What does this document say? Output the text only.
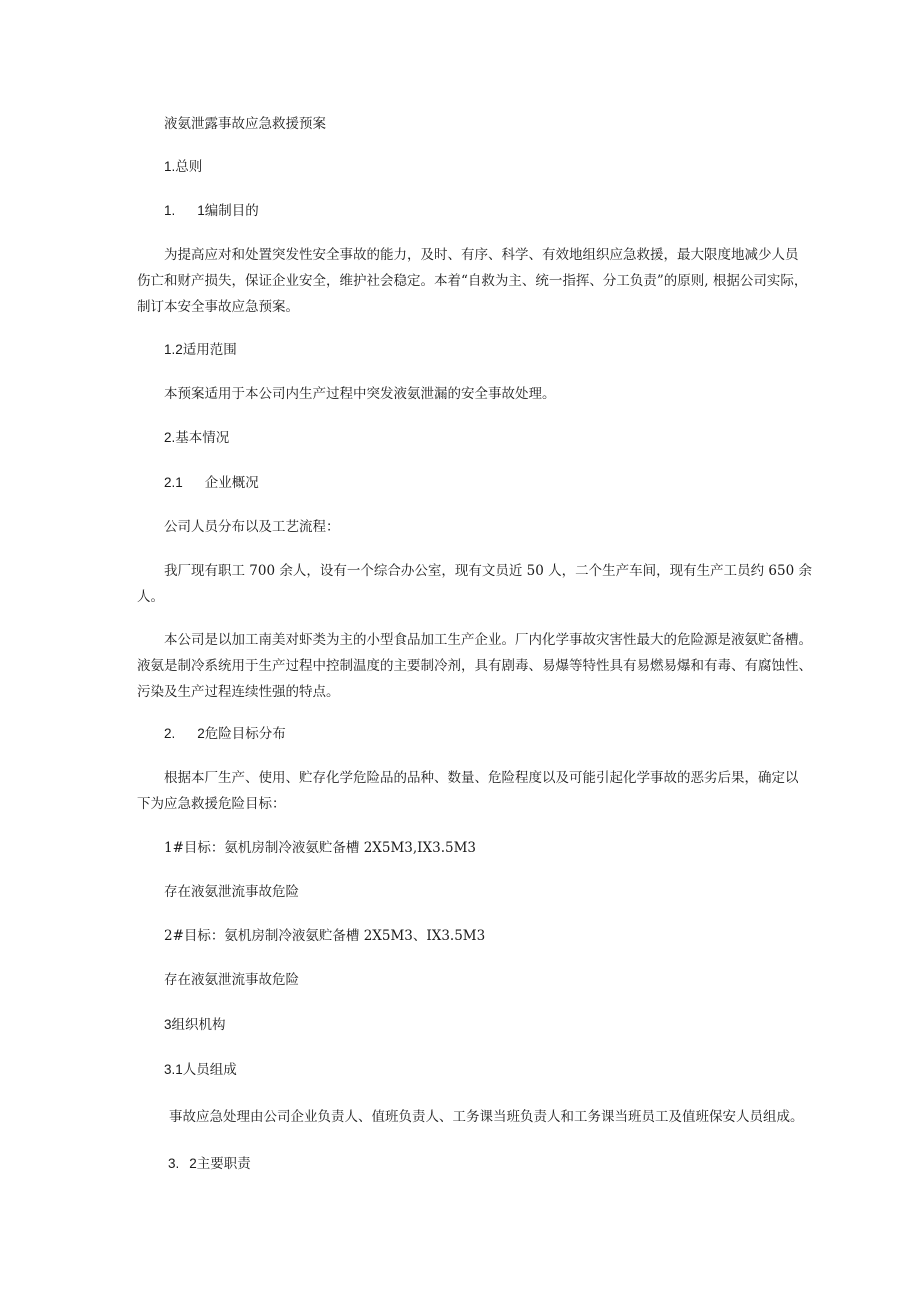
液氨泄露事故应急救援预案
1.总则
1. 1编制目的
为提高应对和处置突发性安全事故的能力，及时、有序、科学、有效地组织应急救援，最大限度地减少人员
伤亡和财产损失，保证企业安全，维护社会稳定。本着“自救为主、统一指挥、分工负责”的原则, 根据公司实际，
制订本安全事故应急预案。
1.2适用范围
本预案适用于本公司内生产过程中突发液氨泄漏的安全事故处理。
2.基本情况
2.1 企业概况
公司人员分布以及工艺流程：
我厂现有职工 700 余人，设有一个综合办公室，现有文员近 50 人，二个生产车间，现有生产工员约 650 余
人。
本公司是以加工南美对虾类为主的小型食品加工生产企业。厂内化学事故灾害性最大的危险源是液氨贮备槽。
液氨是制冷系统用于生产过程中控制温度的主要制冷剂，具有剧毒、易爆等特性具有易燃易爆和有毒、有腐蚀性、
污染及生产过程连续性强的特点。
2. 2危险目标分布
根据本厂生产、使用、贮存化学危险品的品种、数量、危险程度以及可能引起化学事故的恶劣后果，确定以
下为应急救援危险目标：
1#目标：氨机房制冷液氨贮备槽 2X5M3,IX3.5M3
存在液氨泄流事故危险
2#目标：氨机房制冷液氨贮备槽 2X5M3、IX3.5M3
存在液氨泄流事故危险
3组织机构
3.1人员组成
事故应急处理由公司企业负责人、值班负责人、工务课当班负责人和工务课当班员工及值班保安人员组成。
3. 2主要职责
